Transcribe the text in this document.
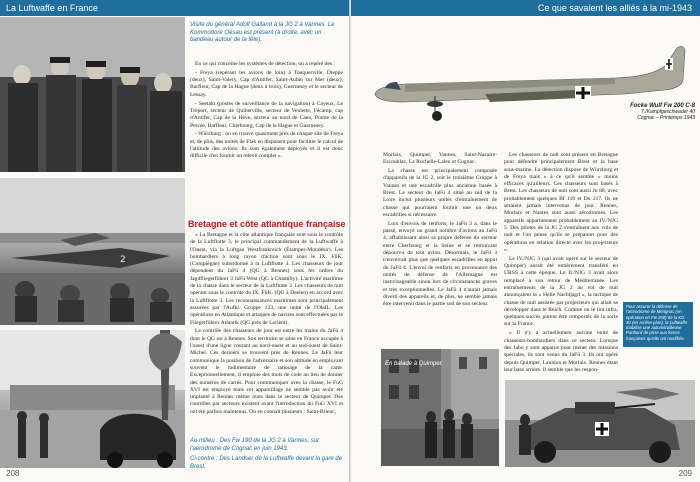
La Luftwaffe en France	Ce que savaient les alliés à la mi-1943
Visite du général Adolf Galland à la JG 2 à Vannes. Le Kommodore Oesau est présent (à droite, avec un bandeau autour de la tête).

En ce qui concerne les systèmes de détection, on a repéré des :

- Freya (repérant les avions de loin) à Touquerville, Dieppe (deux), Saint-Valery, Cap d'Antifer, Saint-Aubin sur Mer (deux), Barfleur, Cap de la Hague (deux à trois), Guernesey et le secteur de Lessay.

- Seetakt (postes de surveillance de la navigation) à Cayeux, Le Tréport, secteur de Quiberville, secteur de Veulette, Fécamp, cap d'Antifer, Cap de la Hève, secteur au nord de Caen, Pointe de la Percée, Barfleur, Cherbourg, Cap de la Hague et Guernesey.

- Würzburg : on en trouve quasiment près de chaque site de Freya et, de plus, des unités de Flak en disposent pour faciliter le calcul de l'altitude des avions. Ils sont également déployés et il est donc difficile d'en fournir un relevé complet ».

Bretagne et côte atlantique française
2

« La Bretagne et la côte atlantique française sont sous le contrôle de la Luftflotte 3, le principal commandement de la Luftwaffe à l'Ouest, via la Luftgau Westfrankreich (Étampes-Mondésir). Les bombardiers à long rayon d'action sont sous le IX. FliK. (Compiègne) subordonné à la Luftflotte 3. Les chasseurs de jour dépendent du JaFü 4 (QG à Rennes) sous les ordres du Jagdfliegerführer 3 JaFü West (QG à Chantilly). L'activité maritime de la chasse dans le secteur de la Luftflotte 3. Les chasseurs de nuit opérant sous le contrôle du IX. FliK. (QG à Deelen) en accord avec la Luftflotte 3. Les reconnaissances maritimes sont principalement assurées par l'Aufkl. Gruppe 123, une unité de l'ObdL. Les opérations en Atlantique et attaques de navires sont effectuées par le Fliegerführer Atlantik (QG près de Lorient).

Le contrôle des chasseurs de jour est entre les mains du JaFü 4 dont le QG est à Rennes. Son territoire se situe en France occupée à l'ouest d'une ligne courant au nord-ouest et au sud-ouest de Saint-Michel. Ces derniers se trouvent près de Rennes. Le JaFü leur communique la position de l'adversaire et son altitude en employant souvent le rudimentaire de ratissage de la carte. Exceptionnellement, il emploie des mots de code au lieu de donner des numéros de carrés. Pour communiquer avec la chasse, le FuG XVI est employé mais cet appareillage ne semble pas avoir été implanté à Rennes même mais dans le secteur de Quimper. Des contrôles par secteurs existent avant l'introduction du FuG XVI et ont été parfois maintenus. On en connaît plusieurs : Saint-Brieuc,

Au milieu : Des Fw 190 de la JG 2 à Vannes, sur l'aérodrome de Cognac en juin 1943.
Ci-contre : Des Landser de la Luftwaffe devant la gare de Brest.
208
Focke Wulf Fw 200 C-8
7./Kampfgeschwader 40
Cognac – Printemps 1943

Morlaix, Quimper, Vannes, Saint-Nazaire-Escoublac, La Rochelle-Laleu et Cognac.

La chasse est principalement composée d'appareils de la JG 2, soit le troisième Gruppe à Vannes et une escadrille plus ancienne basée à Brest. Le secteur du JaFü 4 situé au sud de la Loire inclut plusieurs unités d'entraînement de chasse qui pourraient fournir une ou deux escadrilles si nécessaire.

Lors d'envois de renforts, le JaFü 3 a, dans le passé, envoyé un grand nombre d'avions au JaFü 4, affaiblissant ainsi sa propre défense du secteur entre Cherbourg et la Seine et se retrouvant dépourvu de tout avion. Désormais, le JaFü 3 n'enverrait plus que quelques escadrilles en appui du JaFü 4. L'envoi de renforts en provenance des unités de défense de l'Allemagne est inenvisageable sinon lors de circonstances graves et très exceptionnelles. Le JaFü 4 n'aurait jamais diverti des appareils et, de plus, ne semble jamais être intervenu dans le partie sud de son secteur.

Les chasseurs de nuit sont présent en Bretagne pour défendre principalement Brest et la base sous-marine. La détection dispose de Würzburg et de Freya mais « à ce qu'il semble » moins efficaces qu'ailleurs. Ces chasseurs sont basés à Brest. Les chasseurs de nuit sont aussi Ju 88, avec probablement quelques Bf 110 et Do 217. Ils ne seraient jamais intervenus de jour. Rennes, Morlaix et Nantes sont aussi aérodromes. Les appareils appartiennent probablement au IV./NJG 5. Des pilotes de la JG 2 s'entraînent aux vols de nuit et l'on pense qu'ils se préparent pour des opérations en relation directe avec les projecteurs ».

Le IV./NJG 3 (qui avait opéré sur le secteur de Quimper) aurait été entièrement transféré en URSS à cette époque. Le II./NJG 3 avait alors remplacé à son retour de Méditerranée. Les entraînements de la JG 2 au vol de nuit annonçaient la « Helle Nachtjagd », la tactique de chasse de nuit assistée par projecteurs qui allait se développer dans le Reich. Comme on le lira infra, quelques succès purent être remportés de la sorte sur la France.

« Il n'y a actuellement aucune unité de chasseurs-bombardiers dans ce secteur. Lorsque des Jabo y sont apparus pour mener des missions spéciales, ils sont venus du JaFü 3. Ils ont opéré depuis Quimper, Lannion et Morlaix. Rennes étant leur base arrière. Il semble que les respon-

Pour assurer la défense de l'astrodrome de Mérignac (en opération en Fw 200) de la KG 40 (en arrière-plan), la Luftwaffe mobilise une automitrailleuse Panhard de prise aux forces françaises qu'elle ont modifiée.
En balade à Quimper.
209
